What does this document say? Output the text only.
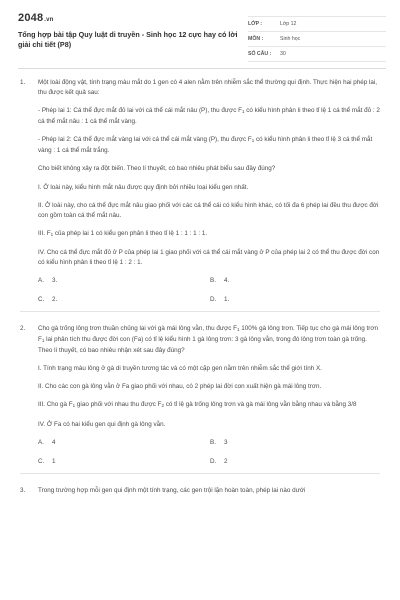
2048.vn
Tổng hợp bài tập Quy luật di truyền - Sinh học 12 cực hay có lời giải chi tiết (P8)
LỚP :	Lớp 12
MÔN :	Sinh học
SỐ CÂU :	30
1. Một loài động vật, tính trạng màu mắt do 1 gen có 4 alen nằm trên nhiễm sắc thể thường qui định. Thực hiện hai phép lai, thu được kết quả sau:

- Phép lai 1: Cá thể đực mắt đỏ lai với cá thể cái mắt nâu (P), thu được $F_1$ có kiểu hình phân li theo tỉ lệ 1 cá thể mắt đỏ : 2 cá thể mắt nâu : 1 cá thể mắt vàng.

- Phép lai 2: Cá thể đực mắt vàng lai với cá thể cái mắt vàng (P), thu được $F_1$ có kiểu hình phân li theo tỉ lệ 3 cá thể mắt vàng : 1 cá thể mắt trắng.

Cho biết không xảy ra đột biến. Theo lí thuyết, có bao nhiêu phát biểu sau đây đúng?

I. Ở loài này, kiểu hình mắt nâu được quy định bởi nhiều loại kiểu gen nhất.

II. Ở loài này, cho cá thể đực mắt nâu giao phối với các cá thể cái có kiểu hình khác, có tối đa 6 phép lai đều thu được đời con gồm toàn cá thể mắt nâu.

III. $F_1$ của phép lai 1 có kiểu gen phân li theo tỉ lệ 1 : 1 : 1 : 1.

IV. Cho cá thể đực mắt đỏ ở P của phép lai 1 giao phối với cá thể cái mắt vàng ở P của phép lai 2 có thể thu được đời con có kiểu hình phân li theo tỉ lệ 1 : 2 : 1.

A.	3.	B.	4.
C.	2.	D.	1.
2. Cho gà trống lông trơn thuần chủng lai với gà mái lông vằn, thu được $F_1$ 100% gà lông trơn. Tiếp tục cho gà mái lông trơn $F_1$ lai phân tích thu được đời con (Fa) có tỉ lệ kiểu hình 1 gà lông trơn: 3 gà lông vằn, trong đó lông trơn toàn gà trống. Theo lí thuyết, có bao nhiêu nhận xét sau đây đúng?

I. Tính trạng màu lông ở gà di truyền tương tác và có một cặp gen nằm trên nhiễm sắc thể giới tính X.

II. Cho các con gà lông vằn ở Fa giao phối với nhau, có 2 phép lai đời con xuất hiện gà mái lông trơn.

III. Cho gà $F_1$ giao phối với nhau thu được $F_2$ có tỉ lệ gà trống lông trơn và gà mái lông vằn bằng nhau và bằng 3/8

IV. Ở Fa có hai kiểu gen qui định gà lông vằn.

A.	4	B.	3
C.	1	D.	2
3. Trong trường hợp mỗi gen qui định một tính trạng, các gen trội lặn hoàn toàn, phép lai nào dưới
